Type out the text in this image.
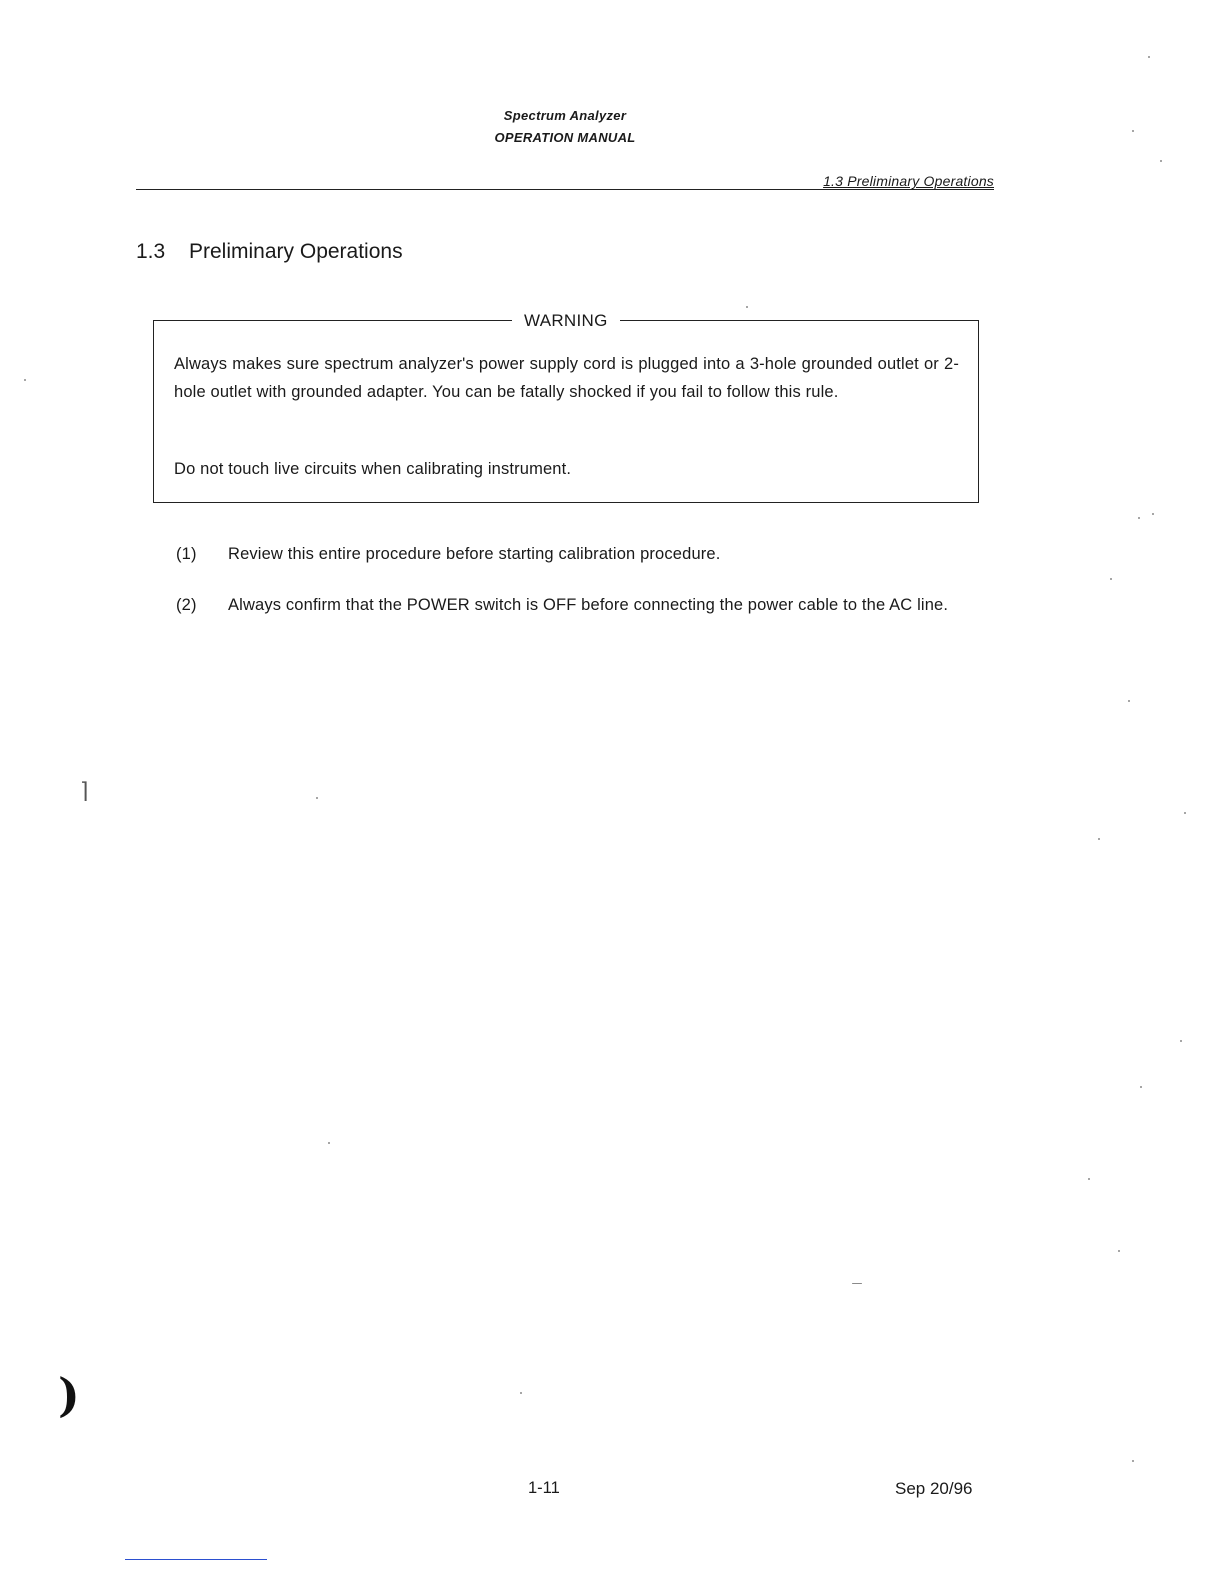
Spectrum Analyzer
OPERATION MANUAL
1.3 Preliminary Operations
1.3 Preliminary Operations
WARNING
Always makes sure spectrum analyzer's power supply cord is plugged into a 3-hole grounded outlet or 2-hole outlet with grounded adapter. You can be fatally shocked if you fail to follow this rule.
Do not touch live circuits when calibrating instrument.
(1) Review this entire procedure before starting calibration procedure.
(2) Always confirm that the POWER switch is OFF before connecting the power cable to the AC line.
1-11	Sep 20/96
⌉
)
